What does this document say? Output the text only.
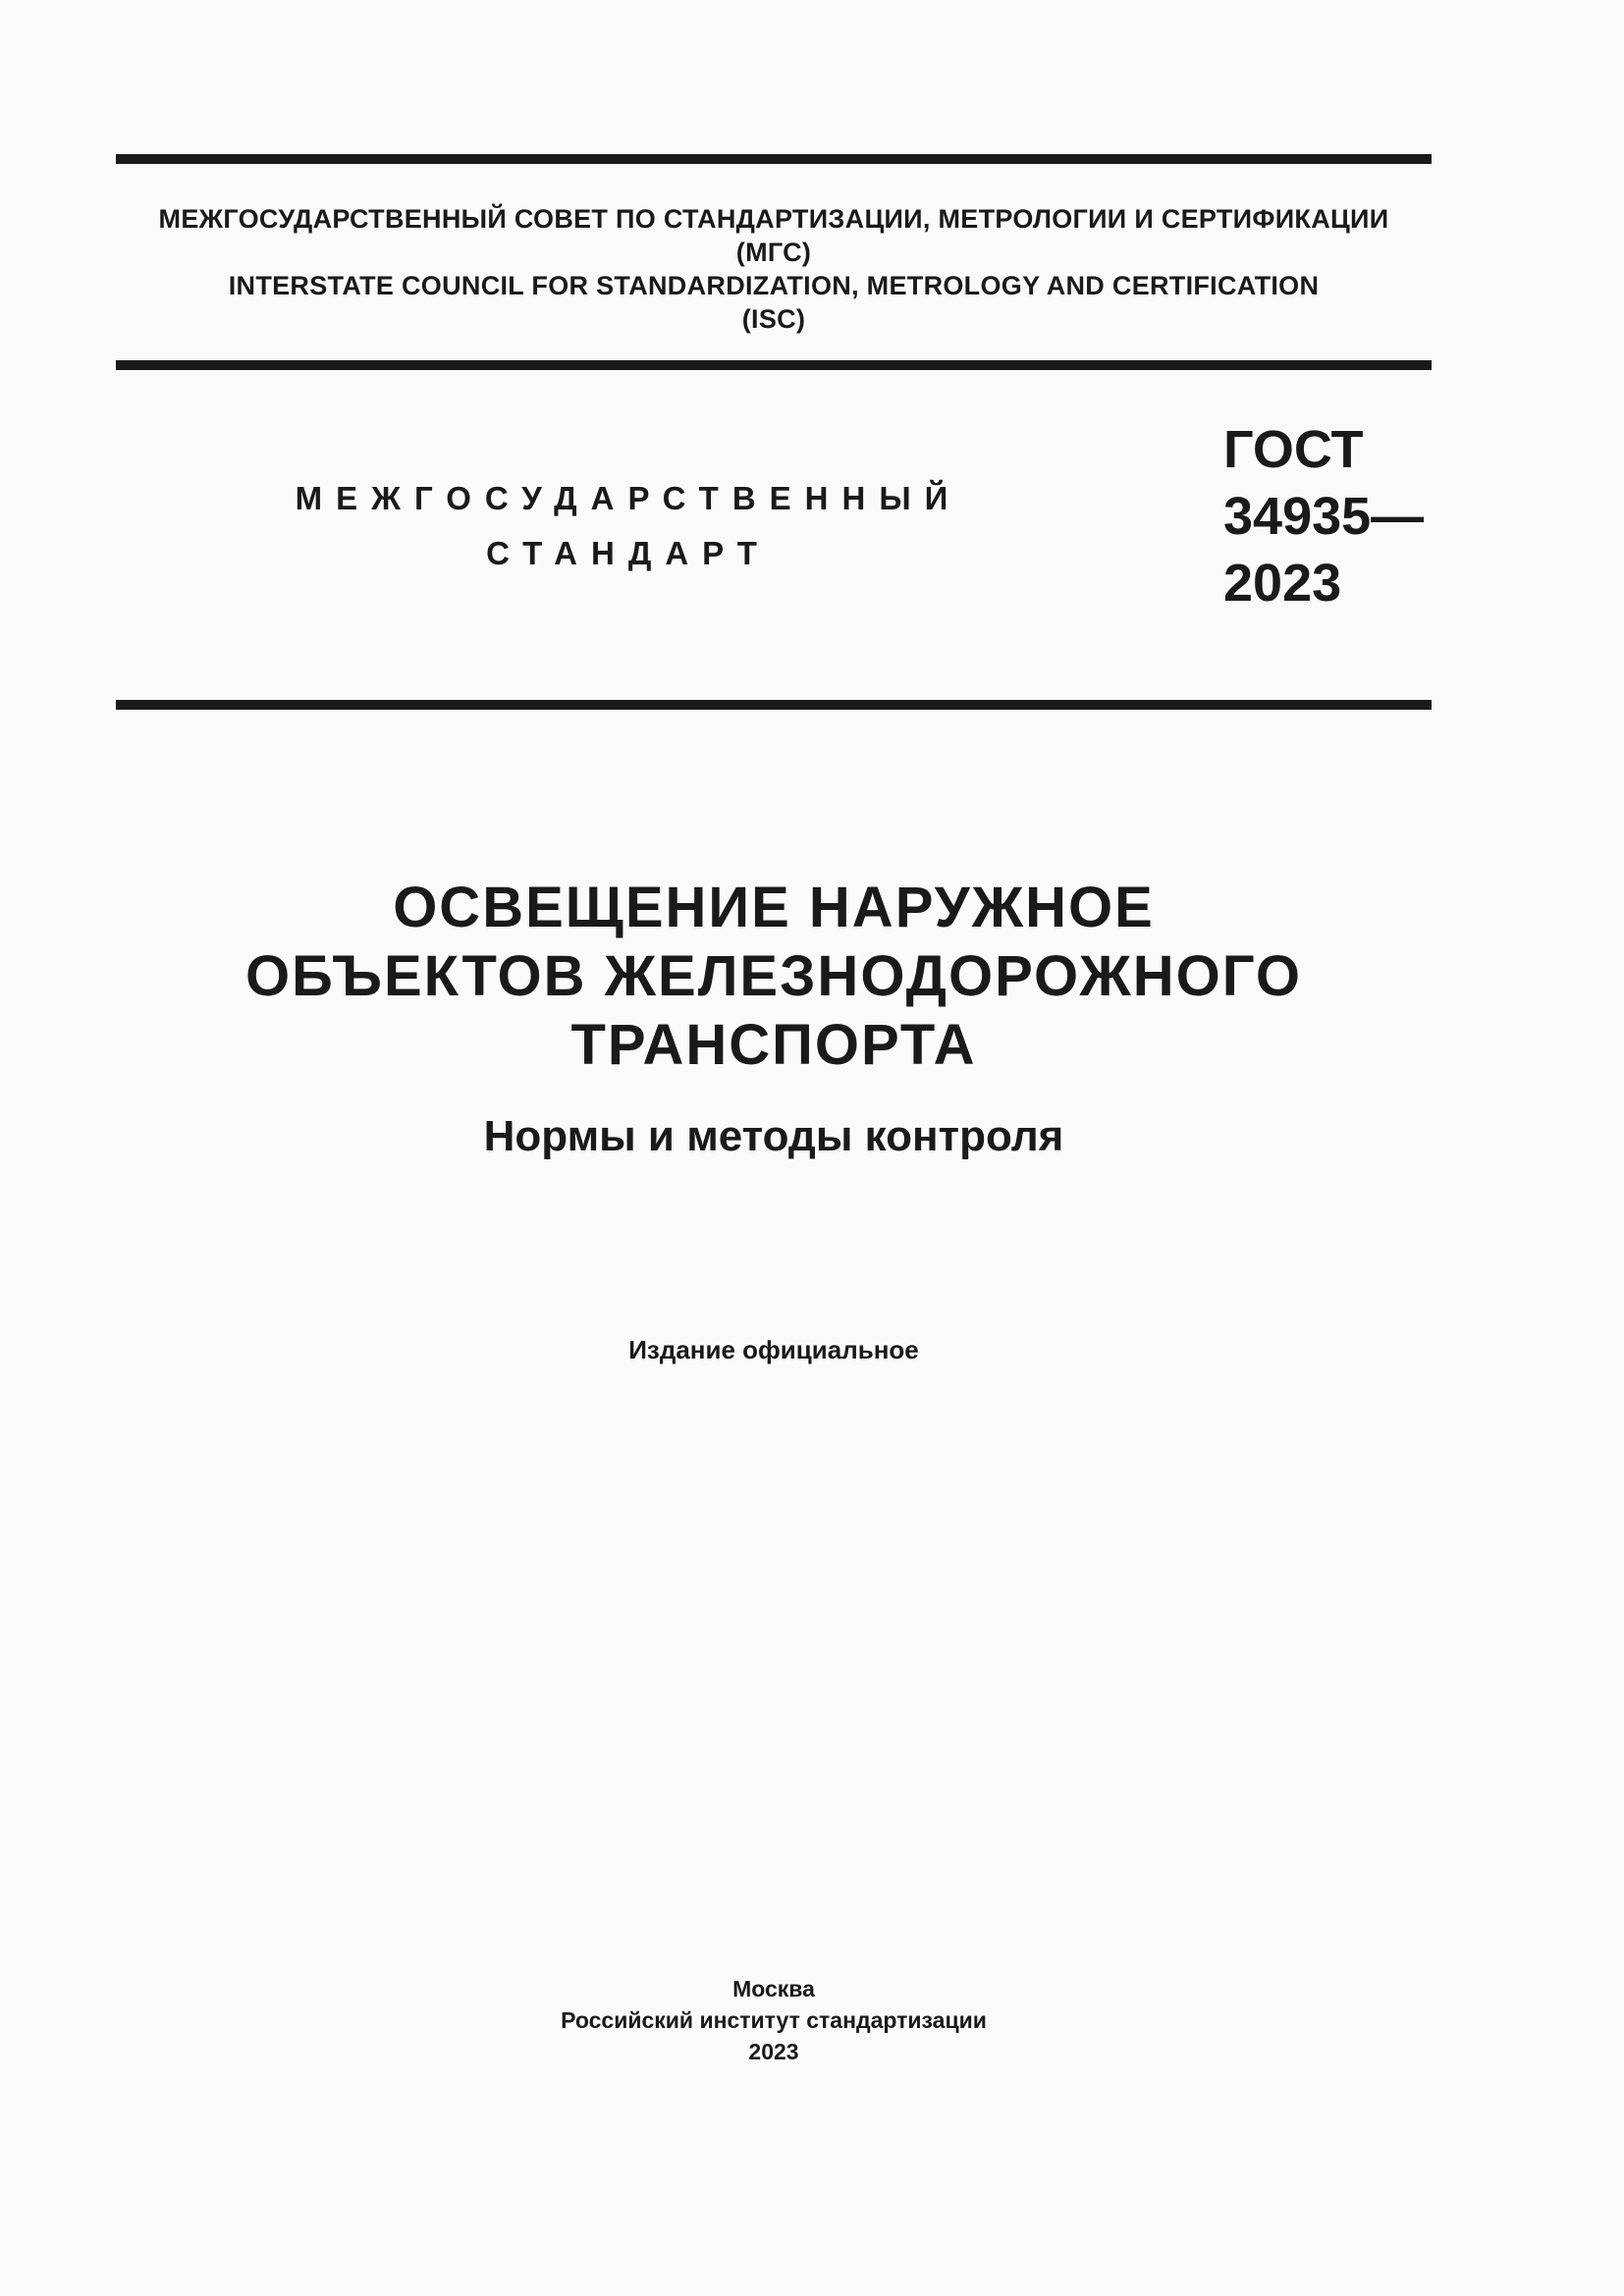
МЕЖГОСУДАРСТВЕННЫЙ СОВЕТ ПО СТАНДАРТИЗАЦИИ, МЕТРОЛОГИИ И СЕРТИФИКАЦИИ
(МГС)
INTERSTATE COUNCIL FOR STANDARDIZATION, METROLOGY AND CERTIFICATION
(ISC)
МЕЖГОСУДАРСТВЕННЫЙ
СТАНДАРТ
ГОСТ
34935—
2023
ОСВЕЩЕНИЕ НАРУЖНОЕ
ОБЪЕКТОВ ЖЕЛЕЗНОДОРОЖНОГО
ТРАНСПОРТА
Нормы и методы контроля
Издание официальное
Москва
Российский институт стандартизации
2023
